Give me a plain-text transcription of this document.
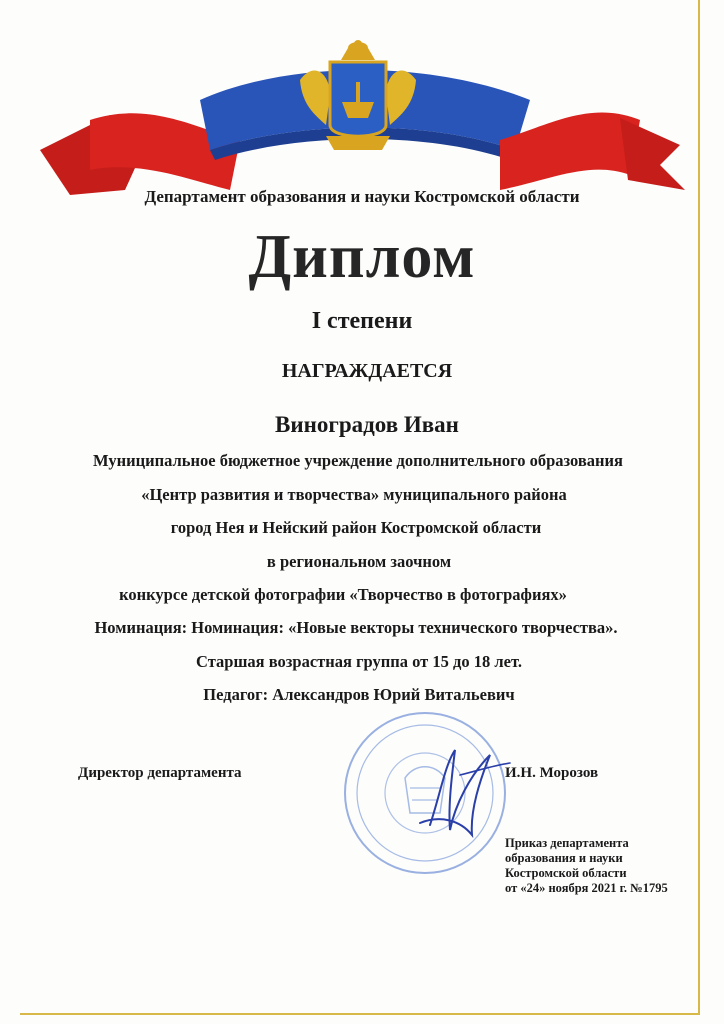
Департамент образования и науки Костромской области
Диплом
I степени
НАГРАЖДАЕТСЯ
Виноградов Иван
Муниципальное бюджетное учреждение дополнительного образования
«Центр развития и творчества» муниципального района
город Нея и Нейский район Костромской области
в региональном заочном
конкурсе детской фотографии «Творчество в фотографиях»
Номинация: Номинация: «Новые векторы технического творчества».
Старшая возрастная группа от 15 до 18 лет.
Педагог: Александров Юрий Витальевич
Директор департамента	И.Н. Морозов
Приказ департамента
образования и науки
Костромской области
от «24» ноября 2021 г. №1795
